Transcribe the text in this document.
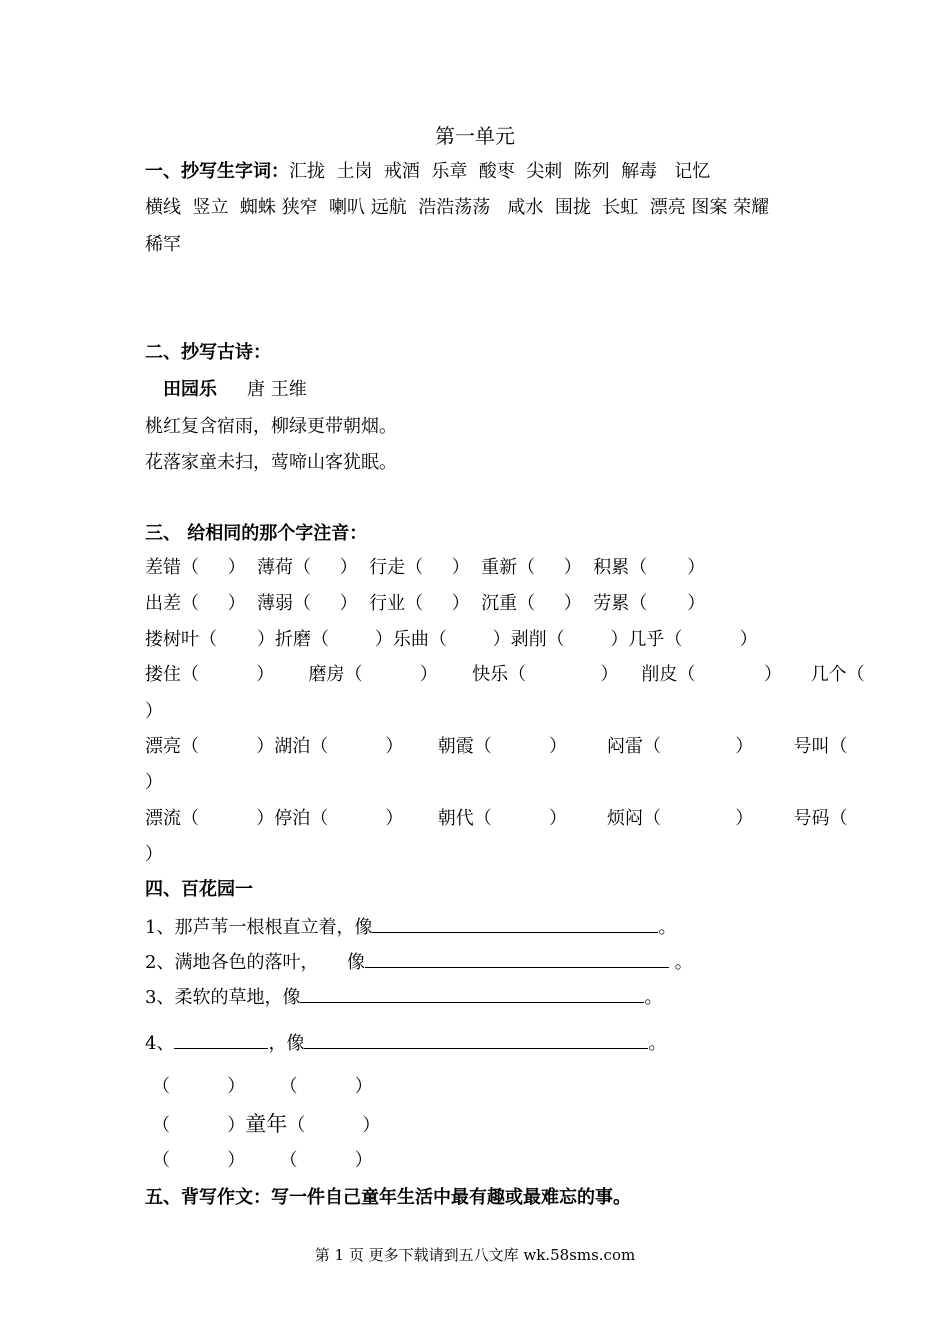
第一单元
一、抄写生字词：汇拢  土岗  戒酒  乐章  酸枣  尖刺  陈列  解毒   记忆
横线  竖立  蜘蛛 狭窄  喇叭 远航  浩浩荡荡   咸水  围拢  长虹  漂亮 图案 荣耀
稀罕
二、抄写古诗：
田园乐 唐 王维
桃红复含宿雨，柳绿更带朝烟。
花落家童未扫，莺啼山客犹眠。
三、 给相同的那个字注音：
差错（     ）  薄荷（     ）  行走（     ）  重新（     ）  积累（       ）
出差（     ）  薄弱（     ）  行业（     ）  沉重（     ）  劳累（       ）
搂树叶（       ）折磨（        ）乐曲（        ）剥削（        ）几乎（          ）
搂住（          ）      磨房（          ）      快乐（             ）    削皮（            ）     几个（
）
漂亮（          ）湖泊（          ）      朝霞（          ）       闷雷（             ）       号叫（
）
漂流（          ）停泊（          ）      朝代（          ）       烦闷（             ）       号码（
）
四、百花园一
1、那芦苇一根根直立着，像	。
2、满地各色的落叶，     像	。
3、柔软的草地，像	。
4、	，像	。
（          ）      （          ）
（          ）童年（          ）
（          ）      （          ）
五、背写作文：写一件自己童年生活中最有趣或最难忘的事。
第 1 页 更多下载请到五八文库 wk.58sms.com
